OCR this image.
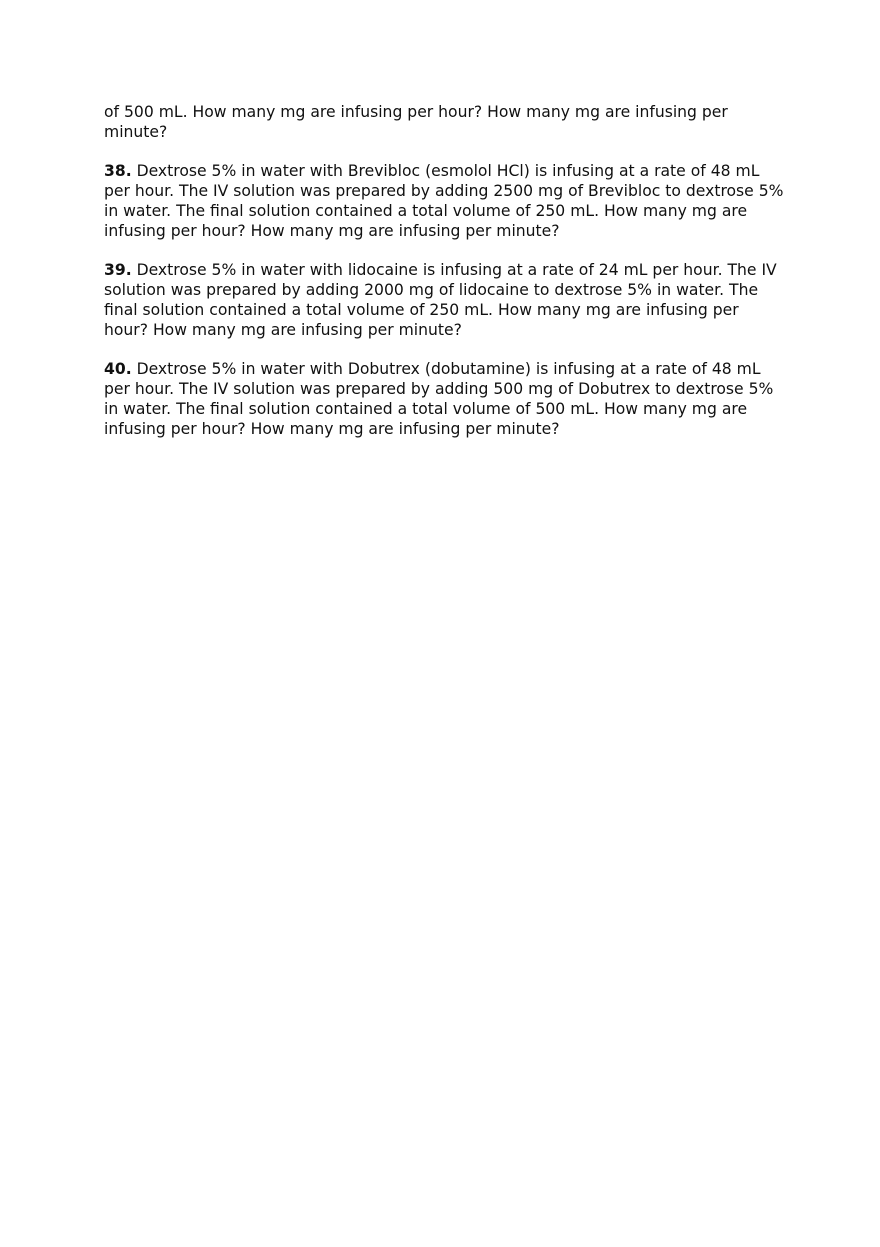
of 500 mL. How many mg are infusing per hour? How many mg are infusing per minute?

38. Dextrose 5% in water with Brevibloc (esmolol HCl) is infusing at a rate of 48 mL per hour. The IV solution was prepared by adding 2500 mg of Brevibloc to dextrose 5% in water. The final solution contained a total volume of 250 mL. How many mg are infusing per hour? How many mg are infusing per minute?

39. Dextrose 5% in water with lidocaine is infusing at a rate of 24 mL per hour. The IV solution was prepared by adding 2000 mg of lidocaine to dextrose 5% in water. The final solution contained a total volume of 250 mL. How many mg are infusing per hour? How many mg are infusing per minute?

40. Dextrose 5% in water with Dobutrex (dobutamine) is infusing at a rate of 48 mL per hour. The IV solution was prepared by adding 500 mg of Dobutrex to dextrose 5% in water. The final solution contained a total volume of 500 mL. How many mg are infusing per hour? How many mg are infusing per minute?
